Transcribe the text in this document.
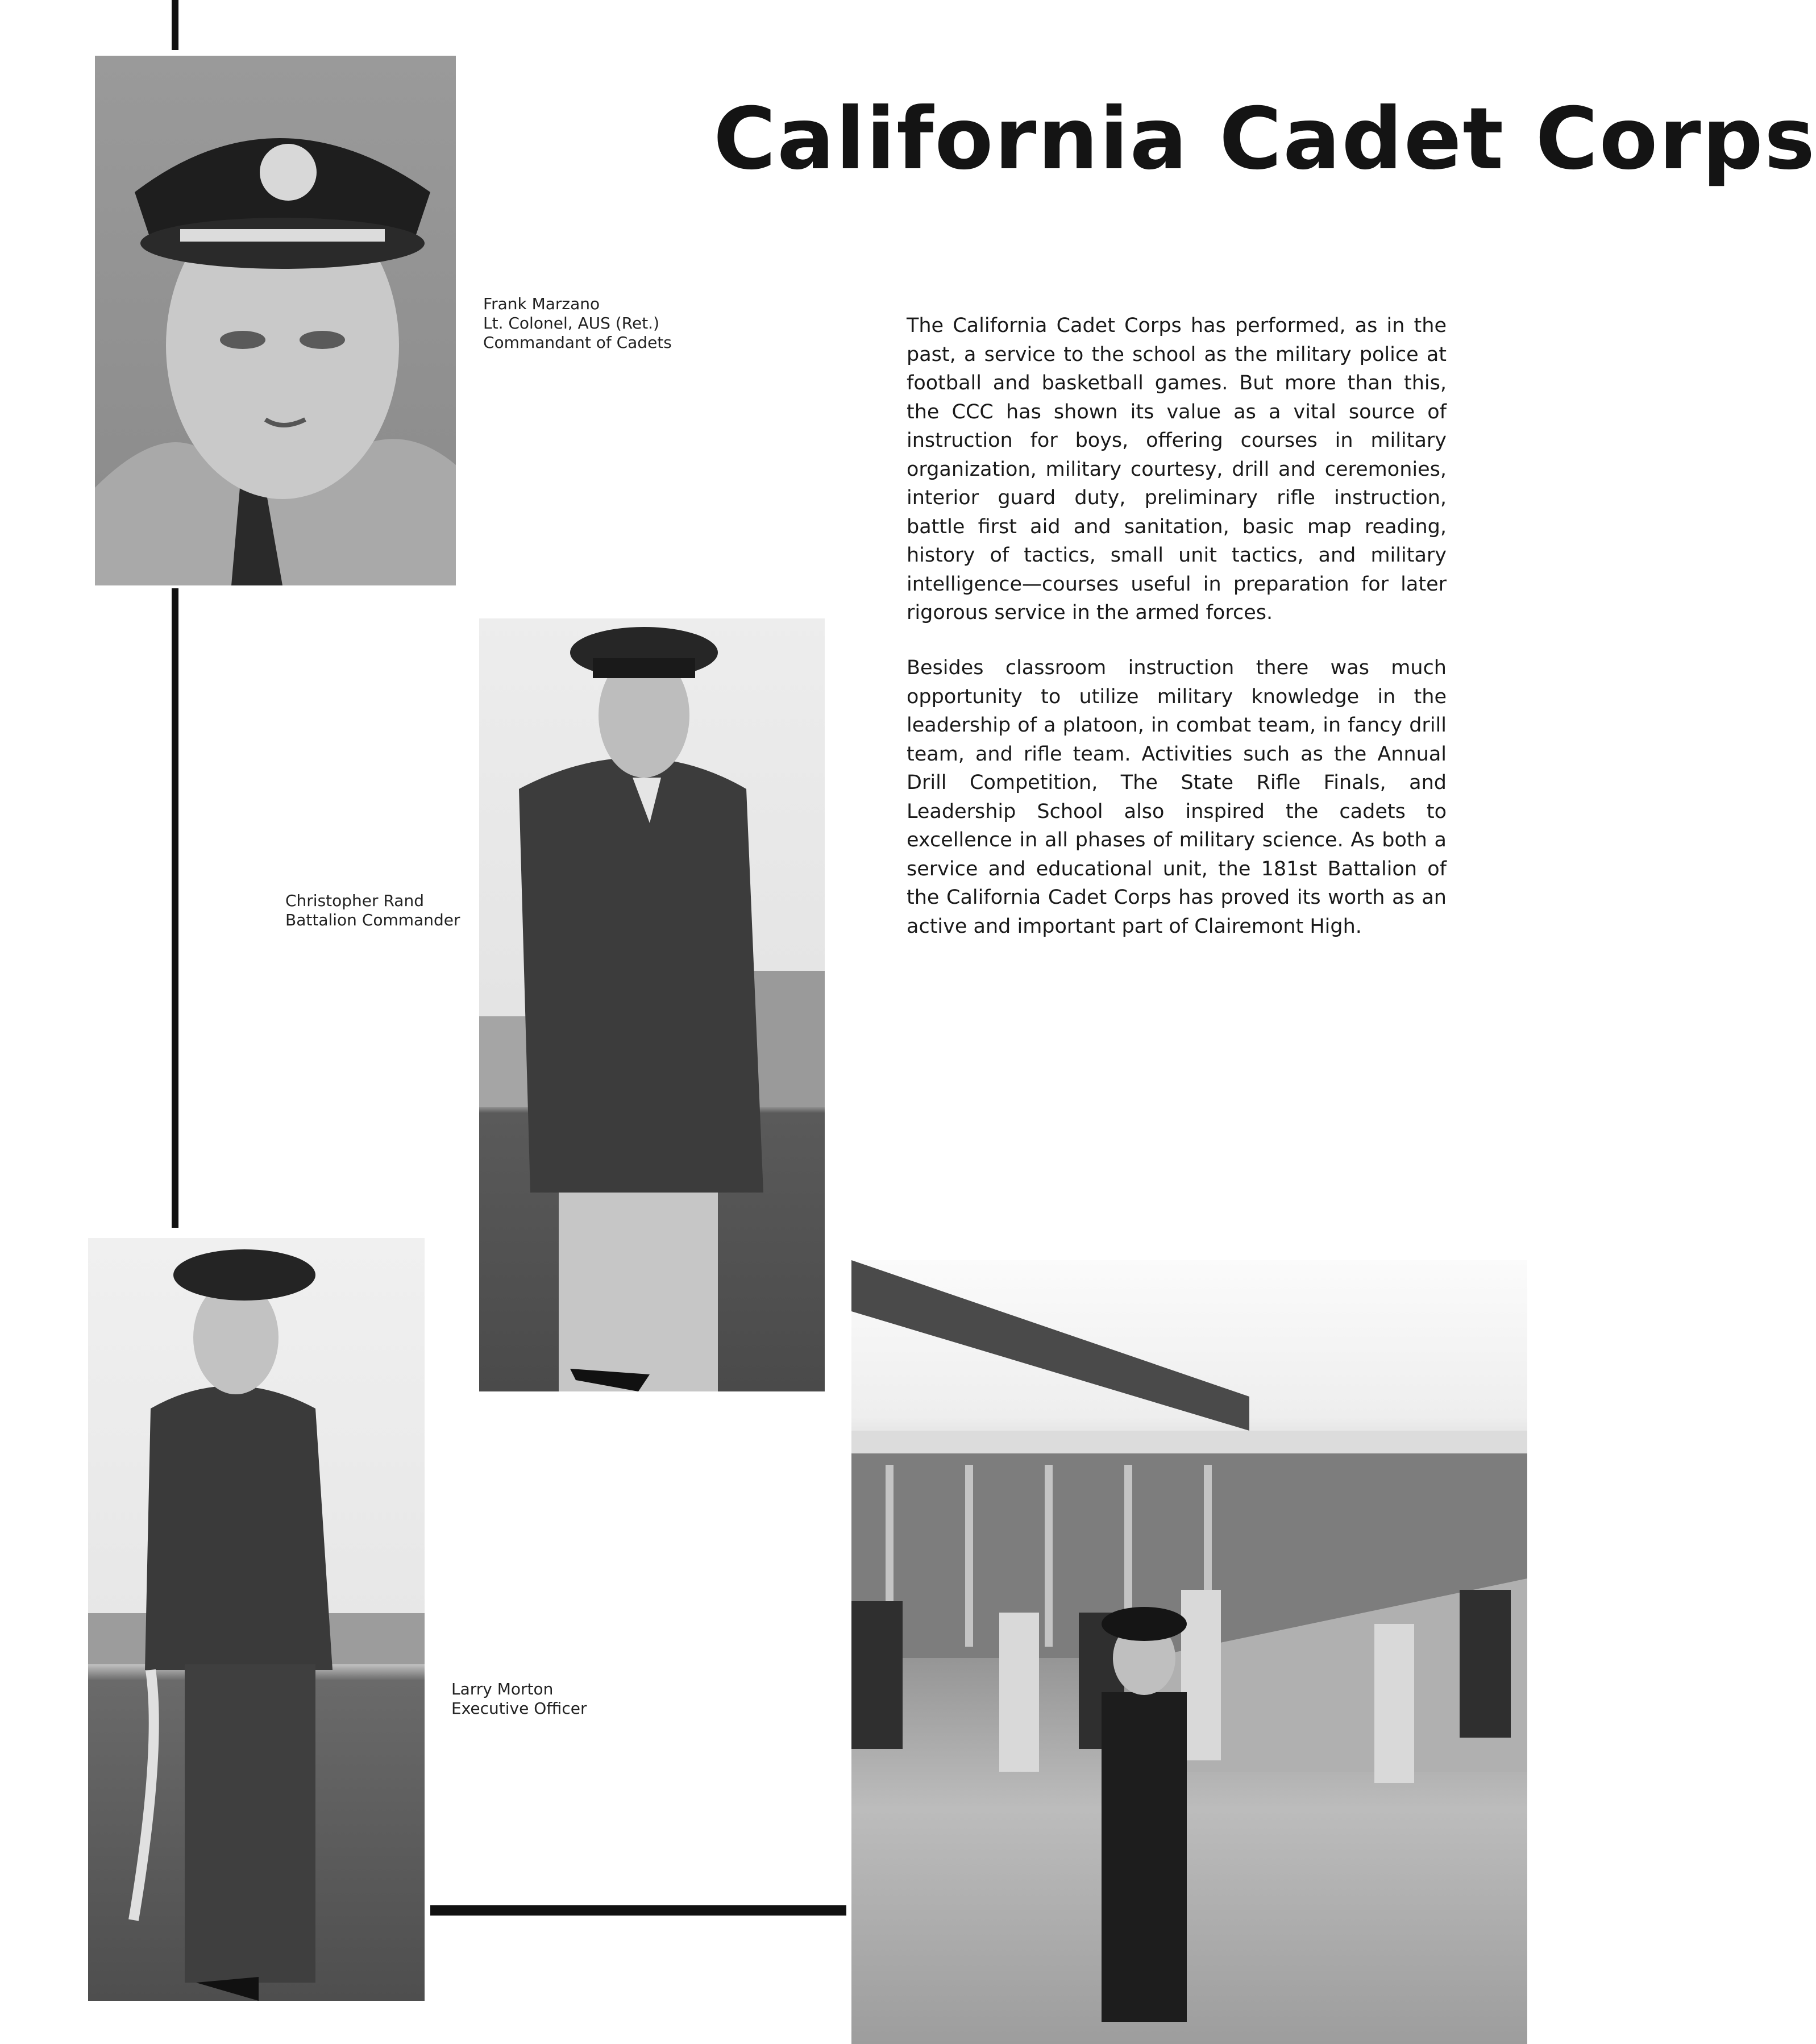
California Cadet Corps
Frank Marzano
Lt. Colonel, AUS (Ret.)
Commandant of Cadets
The California Cadet Corps has performed, as in the past, a service to the school as the military police at football and basketball games. But more than this, the CCC has shown its value as a vital source of instruction for boys, offering courses in military organization, military courtesy, drill and ceremonies, interior guard duty, preliminary rifle instruction, battle first aid and sanitation, basic map reading, history of tactics, small unit tactics, and military intelligence—courses useful in preparation for later rigorous service in the armed forces.
Besides classroom instruction there was much opportunity to utilize military knowledge in the leadership of a platoon, in combat team, in fancy drill team, and rifle team. Activities such as the Annual Drill Competition, The State Rifle Finals, and Leadership School also inspired the cadets to excellence in all phases of military science. As both a service and educational unit, the 181st Battalion of the California Cadet Corps has proved its worth as an active and important part of Clairemont High.
Christopher Rand
Battalion Commander
Larry Morton
Executive Officer
